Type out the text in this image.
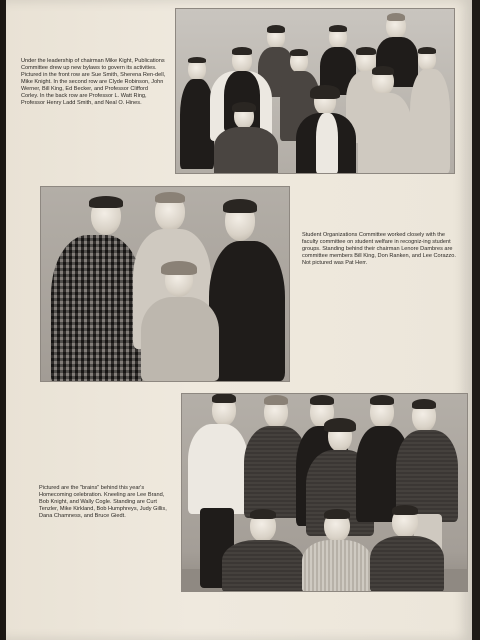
Under the leadership of chairman Mike Kight, Publications Committee drew up new bylaws to govern its activities. Pictured in the front row are Sue Smith, Sherena Ren-dell, Mike Knight. In the second row are Clyde Robinson, John Werner, Bill King, Ed Becker, and Professor Clifford Corley. In the back row are Professor L. Watt Ring, Professor Henry Ladd Smith, and Neal O. Hines.

Student Organizations Committee worked closely with the faculty committee on student welfare in recogniz-ing student groups. Standing behind their chairman Lenore Dambres are committee members Bill King, Don Ranken, and Lee Corazzo. Not pictured was Pat Herr.

Pictured are the "brains" behind this year's Homecoming celebration. Kneeling are Lee Brand, Bob Knight, and Wally Cogle. Standing are Curt Tenzler, Mike Kirkland, Bob Humphreys, Judy Gillis, Dana Chamness, and Bruce Giedt.
